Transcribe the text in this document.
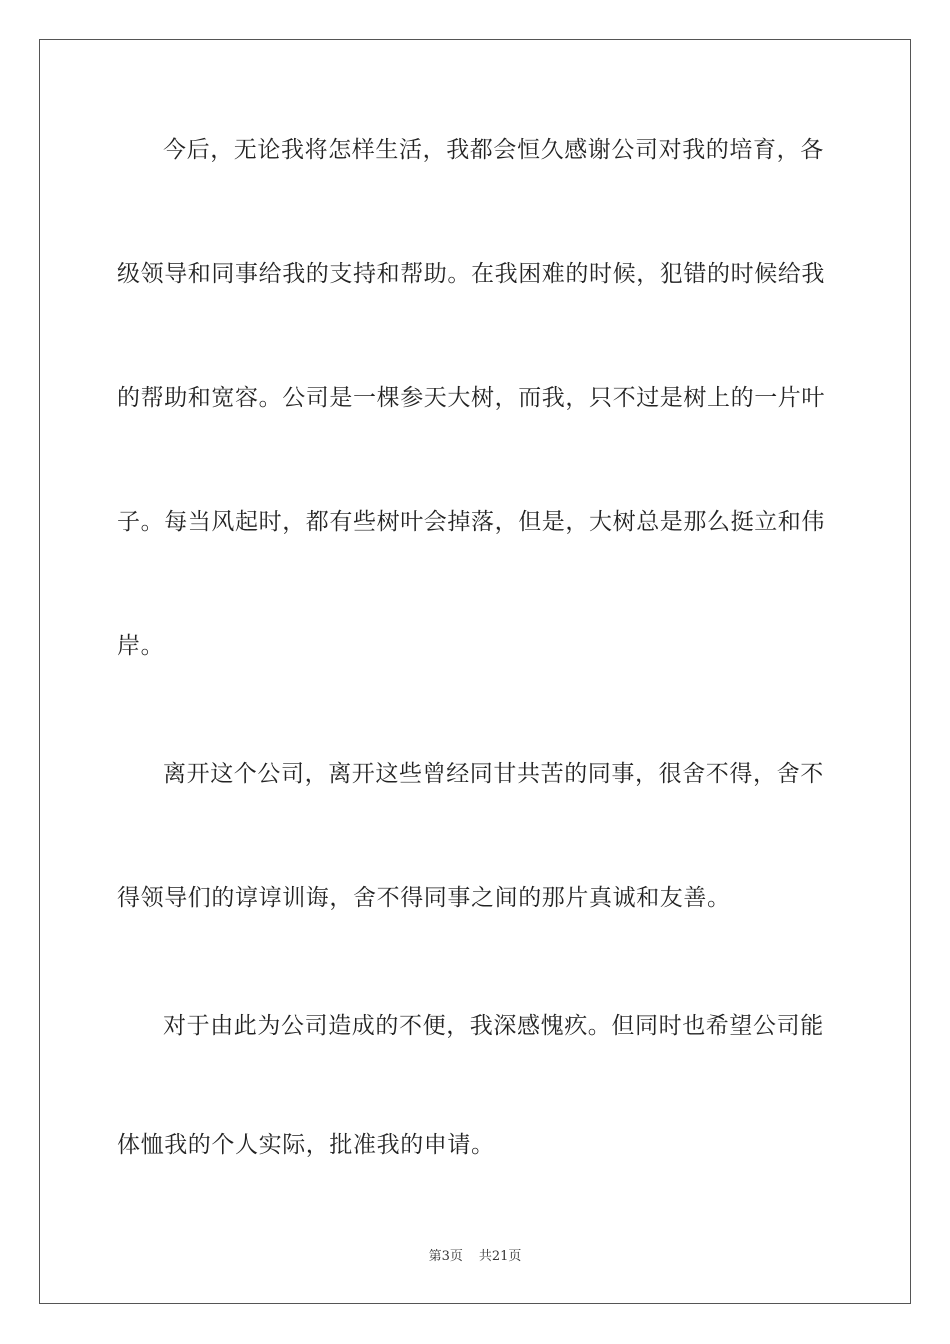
今后，无论我将怎样生活，我都会恒久感谢公司对我的培育，各
级领导和同事给我的支持和帮助。在我困难的时候，犯错的时候给我
的帮助和宽容。公司是一棵参天大树，而我，只不过是树上的一片叶
子。每当风起时，都有些树叶会掉落，但是，大树总是那么挺立和伟
岸。
离开这个公司，离开这些曾经同甘共苦的同事，很舍不得，舍不
得领导们的谆谆训诲，舍不得同事之间的那片真诚和友善。
对于由此为公司造成的不便，我深感愧疚。但同时也希望公司能
体恤我的个人实际，批准我的申请。
第3页 共21页
